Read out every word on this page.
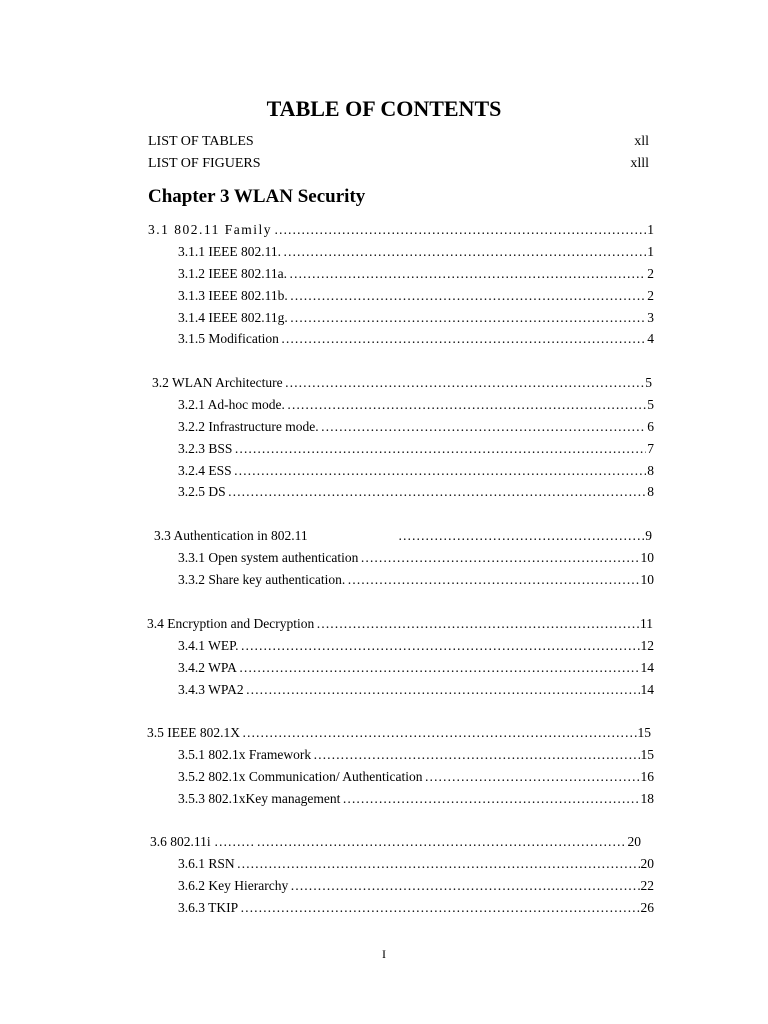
TABLE OF CONTENTS
LIST OF TABLES	xll
LIST OF FIGUERS	xlll
Chapter 3 WLAN Security
3.1 802.11 Family …………………………………………………………………………………………………………………………………………………………………………	1
3.1.1 IEEE 802.11. …………………………………………………………………………………………………………………………………………………………………………	1
3.1.2 IEEE 802.11a. …………………………………………………………………………………………………………………………………………………………………………	2
3.1.3 IEEE 802.11b. …………………………………………………………………………………………………………………………………………………………………………	2
3.1.4 IEEE 802.11g. …………………………………………………………………………………………………………………………………………………………………………	3
3.1.5 Modification …………………………………………………………………………………………………………………………………………………………………………	4
3.2 WLAN Architecture …………………………………………………………………………………………………………………………………………………………………………	5
3.2.1 Ad-hoc mode. …………………………………………………………………………………………………………………………………………………………………………	5
3.2.2 Infrastructure mode. …………………………………………………………………………………………………………………………………………………………………………	6
3.2.3 BSS …………………………………………………………………………………………………………………………………………………………………………	7
3.2.4 ESS …………………………………………………………………………………………………………………………………………………………………………	8
3.2.5 DS …………………………………………………………………………………………………………………………………………………………………………	8
3.3 Authentication in 802.11 …………………………………………………………………………………………………………………………………………………………………………	9
3.3.1 Open system authentication …………………………………………………………………………………………………………………………………………………………………………	10
3.3.2 Share key authentication. …………………………………………………………………………………………………………………………………………………………………………	10
3.4 Encryption and Decryption …………………………………………………………………………………………………………………………………………………………………………	11
3.4.1 WEP. …………………………………………………………………………………………………………………………………………………………………………	12
3.4.2 WPA …………………………………………………………………………………………………………………………………………………………………………	14
3.4.3 WPA2 …………………………………………………………………………………………………………………………………………………………………………	14
3.5 IEEE 802.1X …………………………………………………………………………………………………………………………………………………………………………	15
3.5.1 802.1x Framework …………………………………………………………………………………………………………………………………………………………………………	15
3.5.2 802.1x Communication/ Authentication …………………………………………………………………………………………………………………………………………………………………………	16
3.5.3 802.1xKey management …………………………………………………………………………………………………………………………………………………………………………	18
3.6 802.11i ……… …………………………………………………………………………………………………………………………………………………………………………	20
3.6.1 RSN …………………………………………………………………………………………………………………………………………………………………………	20
3.6.2 Key Hierarchy …………………………………………………………………………………………………………………………………………………………………………	22
3.6.3 TKIP …………………………………………………………………………………………………………………………………………………………………………	26
I
